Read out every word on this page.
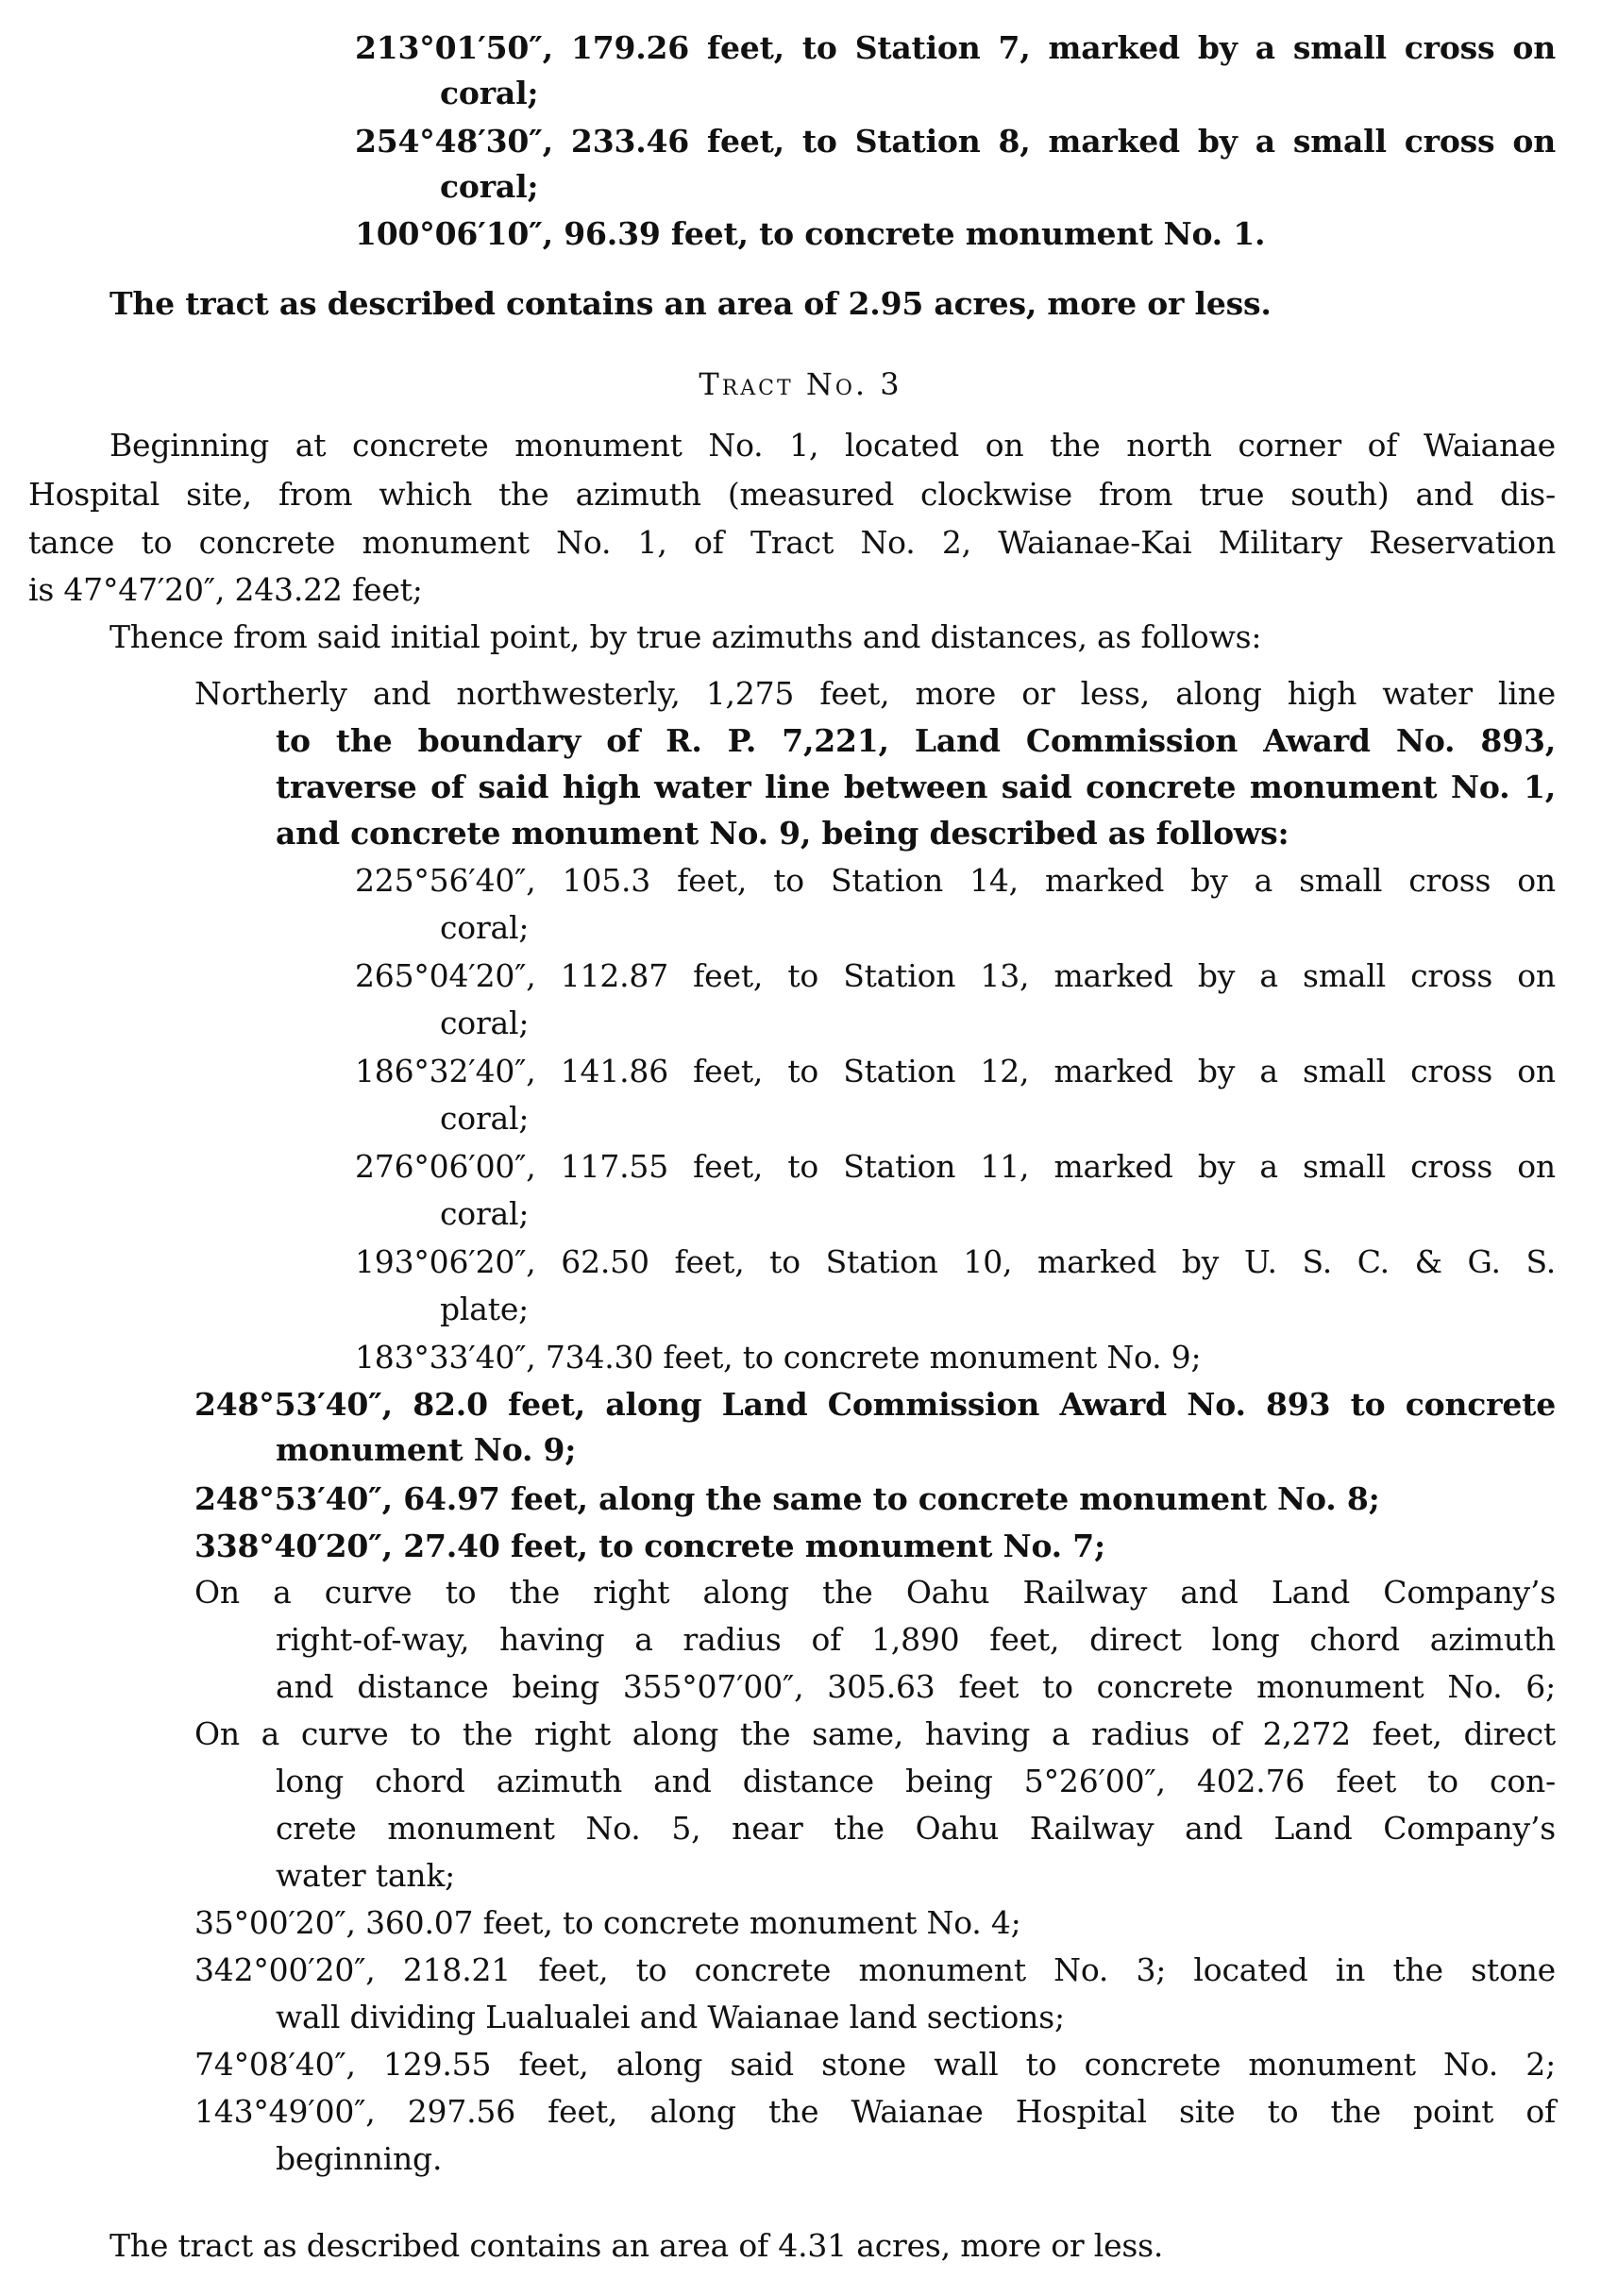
213°01′50″, 179.26 feet, to Station 7, marked by a small cross on

coral;

254°48′30″, 233.46 feet, to Station 8, marked by a small cross on

coral;

100°06′10″, 96.39 feet, to concrete monument No. 1.

The tract as described contains an area of 2.95 acres, more or less.

Tract No. 3

Beginning at concrete monument No. 1, located on the north corner of Waianae

Hospital site, from which the azimuth (measured clockwise from true south) and dis-

tance to concrete monument No. 1, of Tract No. 2, Waianae-Kai Military Reservation

is 47°47′20″, 243.22 feet;

Thence from said initial point, by true azimuths and distances, as follows:

Northerly and northwesterly, 1,275 feet, more or less, along high water line

to the boundary of R. P. 7,221, Land Commission Award No. 893,

traverse of said high water line between said concrete monument No. 1,

and concrete monument No. 9, being described as follows:

225°56′40″, 105.3 feet, to Station 14, marked by a small cross on

coral;

265°04′20″, 112.87 feet, to Station 13, marked by a small cross on

coral;

186°32′40″, 141.86 feet, to Station 12, marked by a small cross on

coral;

276°06′00″, 117.55 feet, to Station 11, marked by a small cross on

coral;

193°06′20″, 62.50 feet, to Station 10, marked by U. S. C. & G. S.

plate;

183°33′40″, 734.30 feet, to concrete monument No. 9;

248°53′40″, 82.0 feet, along Land Commission Award No. 893 to concrete

monument No. 9;

248°53′40″, 64.97 feet, along the same to concrete monument No. 8;

338°40′20″, 27.40 feet, to concrete monument No. 7;

On a curve to the right along the Oahu Railway and Land Company’s

right-of-way, having a radius of 1,890 feet, direct long chord azimuth

and distance being 355°07′00″, 305.63 feet to concrete monument No. 6;

On a curve to the right along the same, having a radius of 2,272 feet, direct

long chord azimuth and distance being 5°26′00″, 402.76 feet to con-

crete monument No. 5, near the Oahu Railway and Land Company’s

water tank;

35°00′20″, 360.07 feet, to concrete monument No. 4;

342°00′20″, 218.21 feet, to concrete monument No. 3; located in the stone

wall dividing Lualualei and Waianae land sections;

74°08′40″, 129.55 feet, along said stone wall to concrete monument No. 2;

143°49′00″, 297.56 feet, along the Waianae Hospital site to the point of

beginning.

The tract as described contains an area of 4.31 acres, more or less.
